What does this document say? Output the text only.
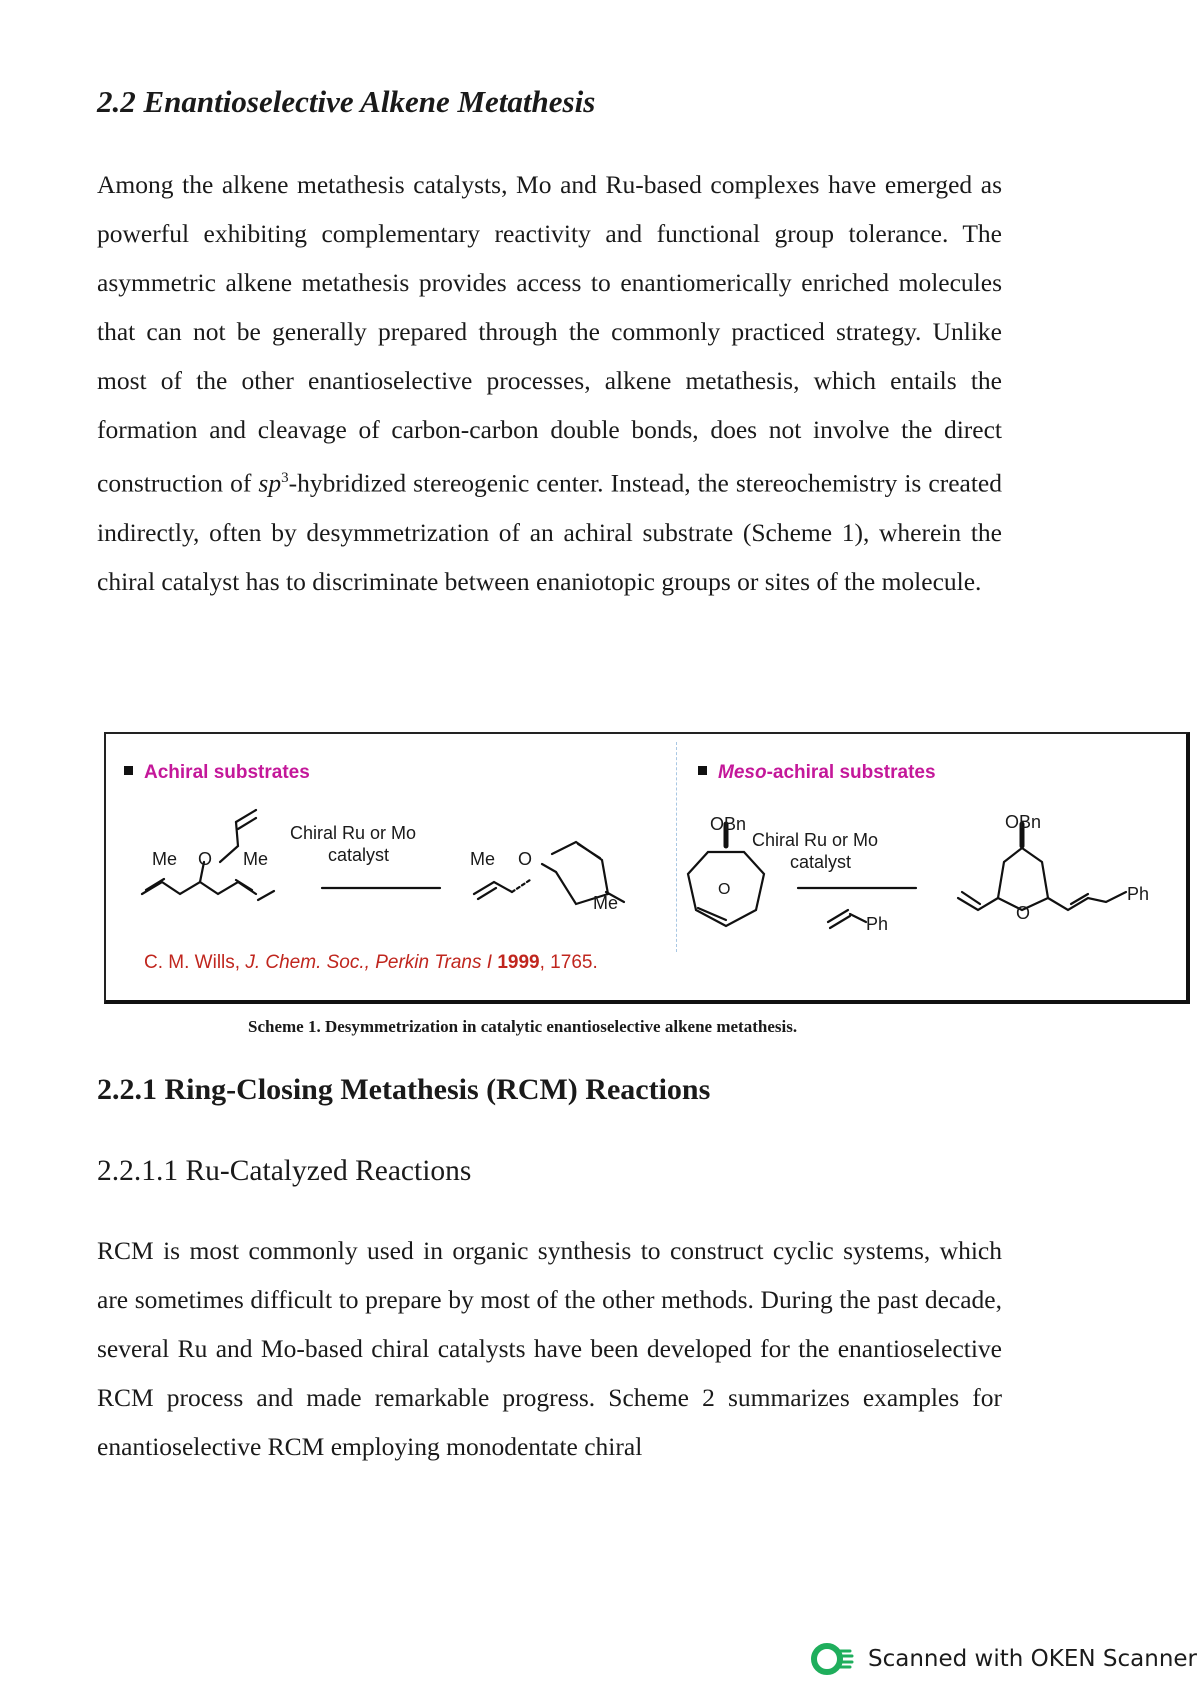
2.2 Enantioselective Alkene Metathesis

Among the alkene metathesis catalysts, Mo and Ru-based complexes have emerged as powerful exhibiting complementary reactivity and functional group tolerance. The asymmetric alkene metathesis provides access to enantiomerically enriched molecules that can not be generally prepared through the commonly practiced strategy. Unlike most of the other enantioselective processes, alkene metathesis, which entails the formation and cleavage of carbon-carbon double bonds, does not involve the direct construction of $sp^3$-hybridized stereogenic center. Instead, the stereochemistry is created indirectly, often by desymmetrization of an achiral substrate (Scheme 1), wherein the chiral catalyst has to discriminate between enaniotopic groups or sites of the molecule.

Achiral substrates	Meso-achiral substrates
Me O Me
Chiral Ru or Mo
catalyst	Me O
Me
OBn
O
Chiral Ru or Mo
catalyst
Ph
OBn
O
Ph
C. M. Wills, J. Chem. Soc., Perkin Trans I 1999, 1765.

Scheme 1. Desymmetrization in catalytic enantioselective alkene metathesis.

2.2.1 Ring-Closing Metathesis (RCM) Reactions
2.2.1.1 Ru-Catalyzed Reactions

RCM is most commonly used in organic synthesis to construct cyclic systems, which are sometimes difficult to prepare by most of the other methods. During the past decade, several Ru and Mo-based chiral catalysts have been developed for the enantioselective RCM process and made remarkable progress. Scheme 2 summarizes examples for enantioselective RCM employing monodentate chiral

Scanned with OKEN Scanner
